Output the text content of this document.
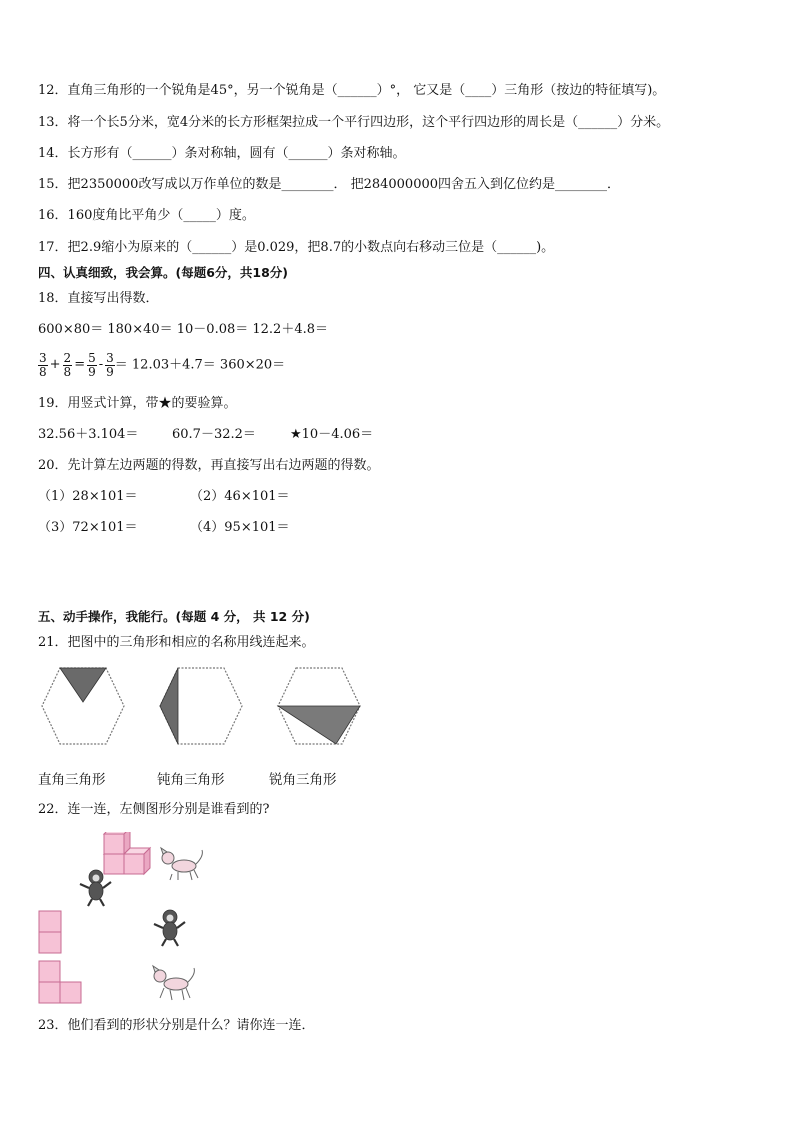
12．直角三角形的一个锐角是45°，另一个锐角是（______）°， 它又是（____）三角形（按边的特征填写)。
13．将一个长5分米，宽4分米的长方形框架拉成一个平行四边形，这个平行四边形的周长是（______）分米。
14．长方形有（______）条对称轴，圆有（______）条对称轴。
15．把2350000改写成以万作单位的数是________． 把284000000四舍五入到亿位约是________．
16．160度角比平角少（_____）度。
17．把2.9缩小为原来的（______）是0.029，把8.7的小数点向右移动三位是（______)。
四、认真细致，我会算。(每题6分，共18分)
18．直接写出得数．
600×80＝ 180×40＝ 10－0.08＝ 12.2＋4.8＝
$\frac{3}{8} + \frac{2}{8} = \frac{5}{9} - \frac{3}{9} = 12.03+4.7= 360\times 20=$
19．用竖式计算，带★的要验算。
32.56＋3.104＝	60.7－32.2＝	★10－4.06＝
20．先计算左边两题的得数，再直接写出右边两题的得数。
（1）28×101＝	（2）46×101＝
（3）72×101＝	（4）95×101＝
五、动手操作，我能行。(每题 4 分， 共 12 分)
21．把图中的三角形和相应的名称用线连起来。
直角三角形	钝角三角形	锐角三角形
22．连一连，左侧图形分别是谁看到的?
23．他们看到的形状分别是什么？请你连一连．
